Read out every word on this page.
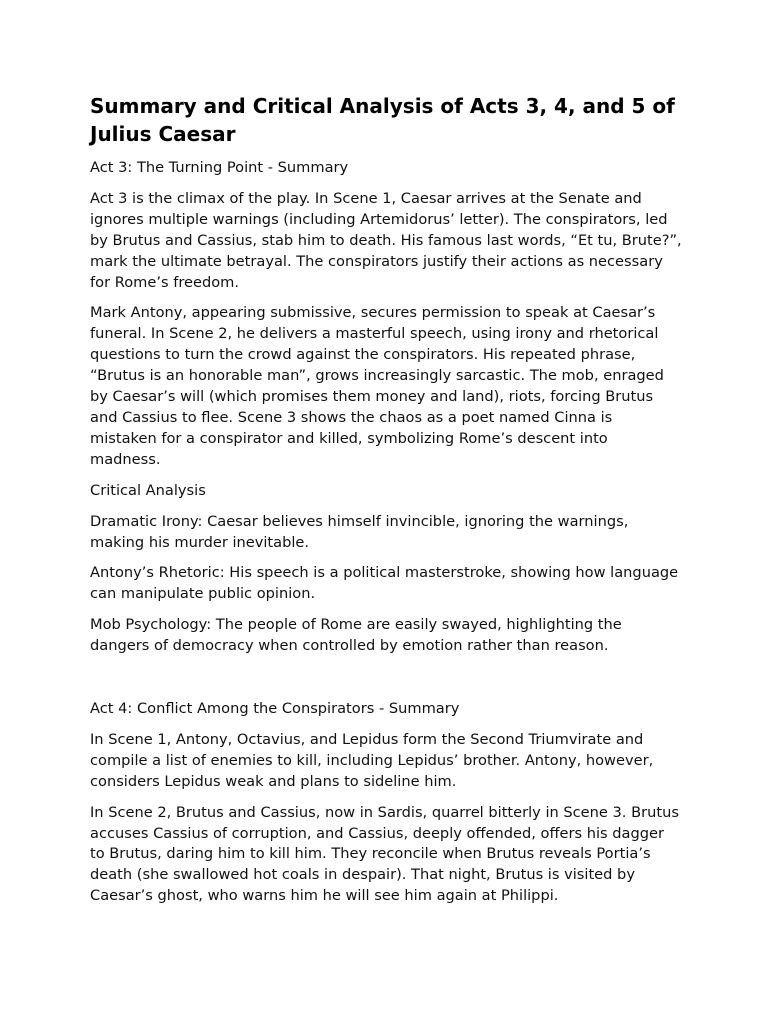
Summary and Critical Analysis of Acts 3, 4, and 5 of Julius Caesar

Act 3: The Turning Point - Summary

Act 3 is the climax of the play. In Scene 1, Caesar arrives at the Senate and ignores multiple warnings (including Artemidorus’ letter). The conspirators, led by Brutus and Cassius, stab him to death. His famous last words, “Et tu, Brute?”, mark the ultimate betrayal. The conspirators justify their actions as necessary for Rome’s freedom.

Mark Antony, appearing submissive, secures permission to speak at Caesar’s funeral. In Scene 2, he delivers a masterful speech, using irony and rhetorical questions to turn the crowd against the conspirators. His repeated phrase, “Brutus is an honorable man”, grows increasingly sarcastic. The mob, enraged by Caesar’s will (which promises them money and land), riots, forcing Brutus and Cassius to flee. Scene 3 shows the chaos as a poet named Cinna is mistaken for a conspirator and killed, symbolizing Rome’s descent into madness.

Critical Analysis

Dramatic Irony: Caesar believes himself invincible, ignoring the warnings, making his murder inevitable.

Antony’s Rhetoric: His speech is a political masterstroke, showing how language can manipulate public opinion.

Mob Psychology: The people of Rome are easily swayed, highlighting the dangers of democracy when controlled by emotion rather than reason.

Act 4: Conflict Among the Conspirators - Summary

In Scene 1, Antony, Octavius, and Lepidus form the Second Triumvirate and compile a list of enemies to kill, including Lepidus’ brother. Antony, however, considers Lepidus weak and plans to sideline him.

In Scene 2, Brutus and Cassius, now in Sardis, quarrel bitterly in Scene 3. Brutus accuses Cassius of corruption, and Cassius, deeply offended, offers his dagger to Brutus, daring him to kill him. They reconcile when Brutus reveals Portia’s death (she swallowed hot coals in despair). That night, Brutus is visited by Caesar’s ghost, who warns him he will see him again at Philippi.
